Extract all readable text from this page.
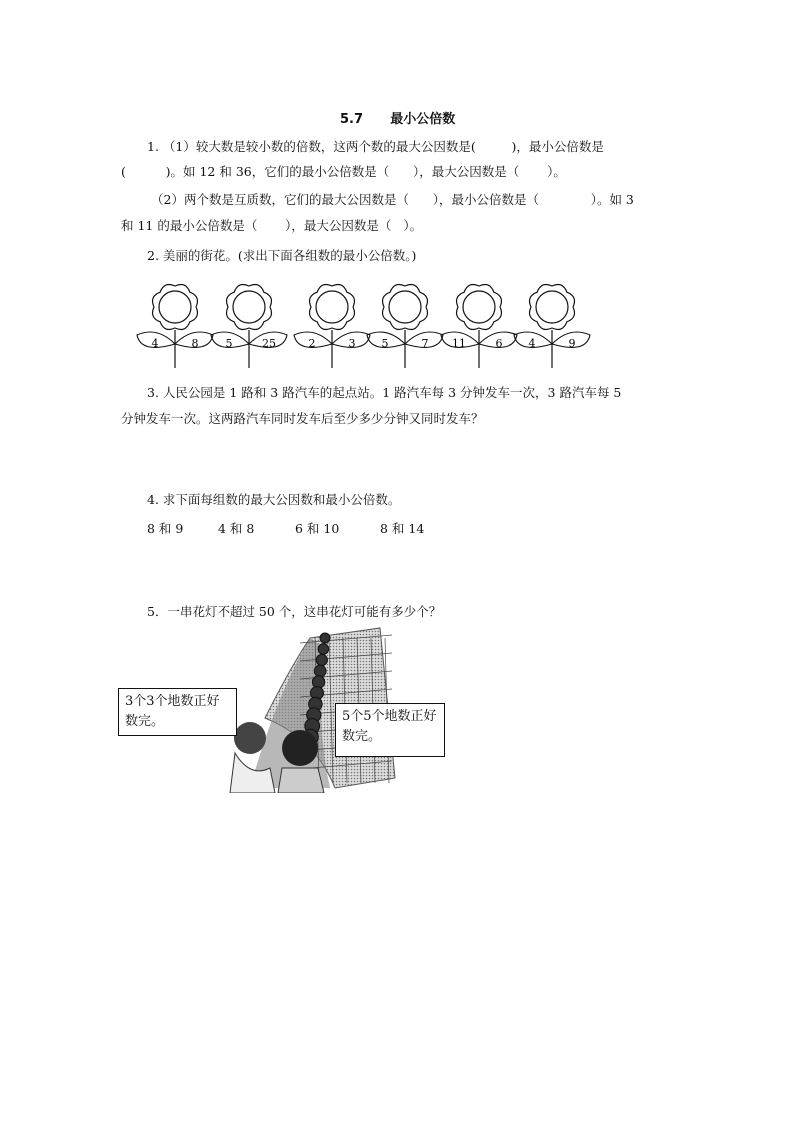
5.7 最小公倍数
1. （1）较大数是较小数的倍数，这两个数的最大公因数是(         )，最小公倍数是
(          )。如 12 和 36，它们的最小公倍数是（      ），最大公因数是（       ）。
（2）两个数是互质数，它们的最大公因数是（      ），最小公倍数是（             ）。如 3
和 11 的最小公倍数是（       ），最大公因数是（   ）。
2. 美丽的街花。(求出下面各组数的最小公倍数。)
4	8 5	25	2	3 5	7 11	6 4	9
3. 人民公园是 1 路和 3 路汽车的起点站。1 路汽车每 3 分钟发车一次，3 路汽车每 5
分钟发车一次。这两路汽车同时发车后至少多少分钟又同时发车？
4. 求下面每组数的最大公因数和最小公倍数。
8 和 9	4 和 8	6 和 10	8 和 14
5．一串花灯不超过 50 个，这串花灯可能有多少个？
3个3个地数正好数完。	5个5个地数正好数完。
